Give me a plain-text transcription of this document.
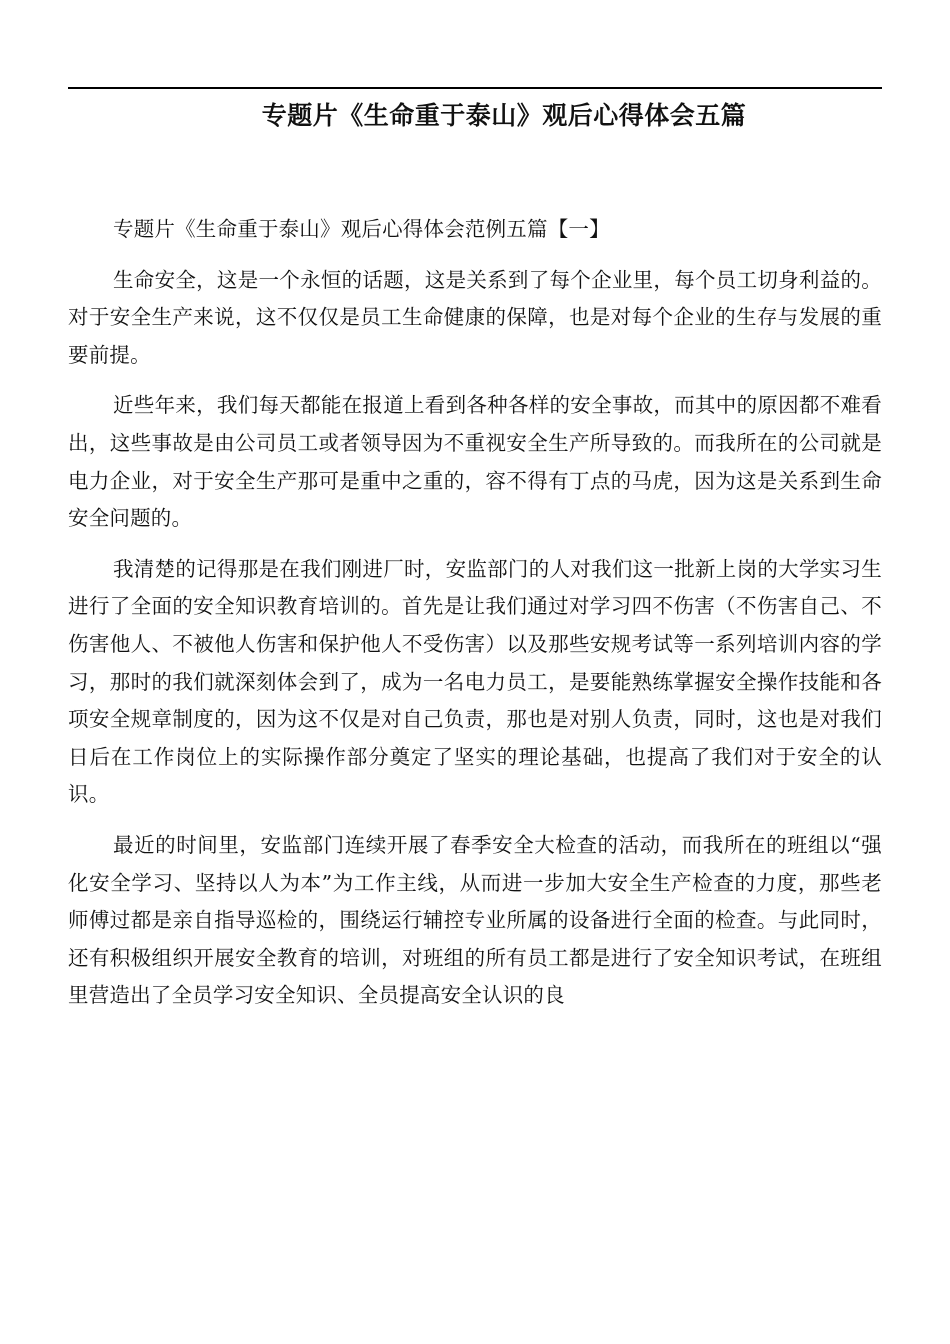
专题片《生命重于泰山》观后心得体会五篇

专题片《生命重于泰山》观后心得体会范例五篇【一】

生命安全，这是一个永恒的话题，这是关系到了每个企业里，每个员工切身利益的。对于安全生产来说，这不仅仅是员工生命健康的保障，也是对每个企业的生存与发展的重要前提。

近些年来，我们每天都能在报道上看到各种各样的安全事故，而其中的原因都不难看出，这些事故是由公司员工或者领导因为不重视安全生产所导致的。而我所在的公司就是电力企业，对于安全生产那可是重中之重的，容不得有丁点的马虎，因为这是关系到生命安全问题的。

我清楚的记得那是在我们刚进厂时，安监部门的人对我们这一批新上岗的大学实习生进行了全面的安全知识教育培训的。首先是让我们通过对学习四不伤害（不伤害自己、不伤害他人、不被他人伤害和保护他人不受伤害）以及那些安规考试等一系列培训内容的学习，那时的我们就深刻体会到了，成为一名电力员工，是要能熟练掌握安全操作技能和各项安全规章制度的，因为这不仅是对自己负责，那也是对别人负责，同时，这也是对我们日后在工作岗位上的实际操作部分奠定了坚实的理论基础，也提高了我们对于安全的认识。

最近的时间里，安监部门连续开展了春季安全大检查的活动，而我所在的班组以“强化安全学习、坚持以人为本”为工作主线，从而进一步加大安全生产检查的力度，那些老师傅过都是亲自指导巡检的，围绕运行辅控专业所属的设备进行全面的检查。与此同时，还有积极组织开展安全教育的培训，对班组的所有员工都是进行了安全知识考试，在班组里营造出了全员学习安全知识、全员提高安全认识的良
